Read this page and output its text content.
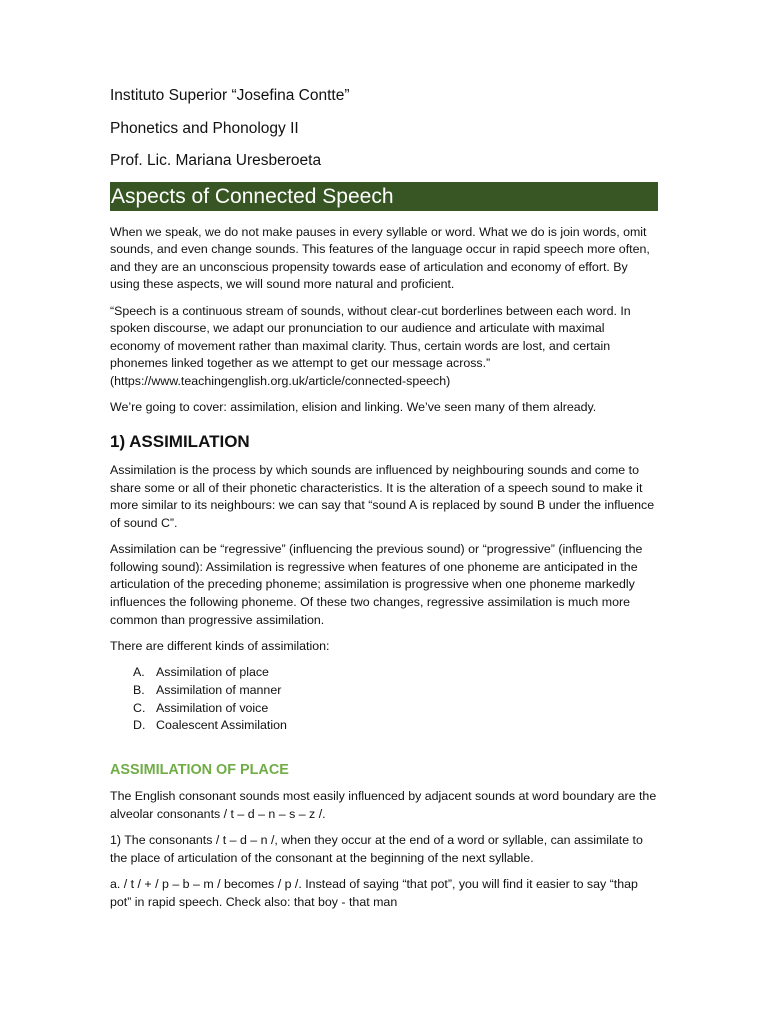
Instituto Superior “Josefina Contte”
Phonetics and Phonology II
Prof. Lic. Mariana Uresberoeta
Aspects of Connected Speech

When we speak, we do not make pauses in every syllable or word. What we do is join words, omit sounds, and even change sounds. This features of the language occur in rapid speech more often, and they are an unconscious propensity towards ease of articulation and economy of effort. By using these aspects, we will sound more natural and proficient.

“Speech is a continuous stream of sounds, without clear-cut borderlines between each word. In spoken discourse, we adapt our pronunciation to our audience and articulate with maximal economy of movement rather than maximal clarity. Thus, certain words are lost, and certain phonemes linked together as we attempt to get our message across.” (https://www.teachingenglish.org.uk/article/connected-speech)

We’re going to cover: assimilation, elision and linking. We’ve seen many of them already.

1) ASSIMILATION

Assimilation is the process by which sounds are influenced by neighbouring sounds and come to share some or all of their phonetic characteristics. It is the alteration of a speech sound to make it more similar to its neighbours: we can say that “sound A is replaced by sound B under the influence of sound C”.

Assimilation can be “regressive” (influencing the previous sound) or “progressive” (influencing the following sound): Assimilation is regressive when features of one phoneme are anticipated in the articulation of the preceding phoneme; assimilation is progressive when one phoneme markedly influences the following phoneme. Of these two changes, regressive assimilation is much more common than progressive assimilation.

There are different kinds of assimilation:

A. Assimilation of place
B. Assimilation of manner
C. Assimilation of voice
D. Coalescent Assimilation
ASSIMILATION OF PLACE

The English consonant sounds most easily influenced by adjacent sounds at word boundary are the alveolar consonants / t – d – n – s – z /.

1) The consonants / t – d – n /, when they occur at the end of a word or syllable, can assimilate to the place of articulation of the consonant at the beginning of the next syllable.

a. / t / + / p – b – m / becomes / p /. Instead of saying “that pot”, you will find it easier to say “thap pot” in rapid speech. Check also: that boy - that man
